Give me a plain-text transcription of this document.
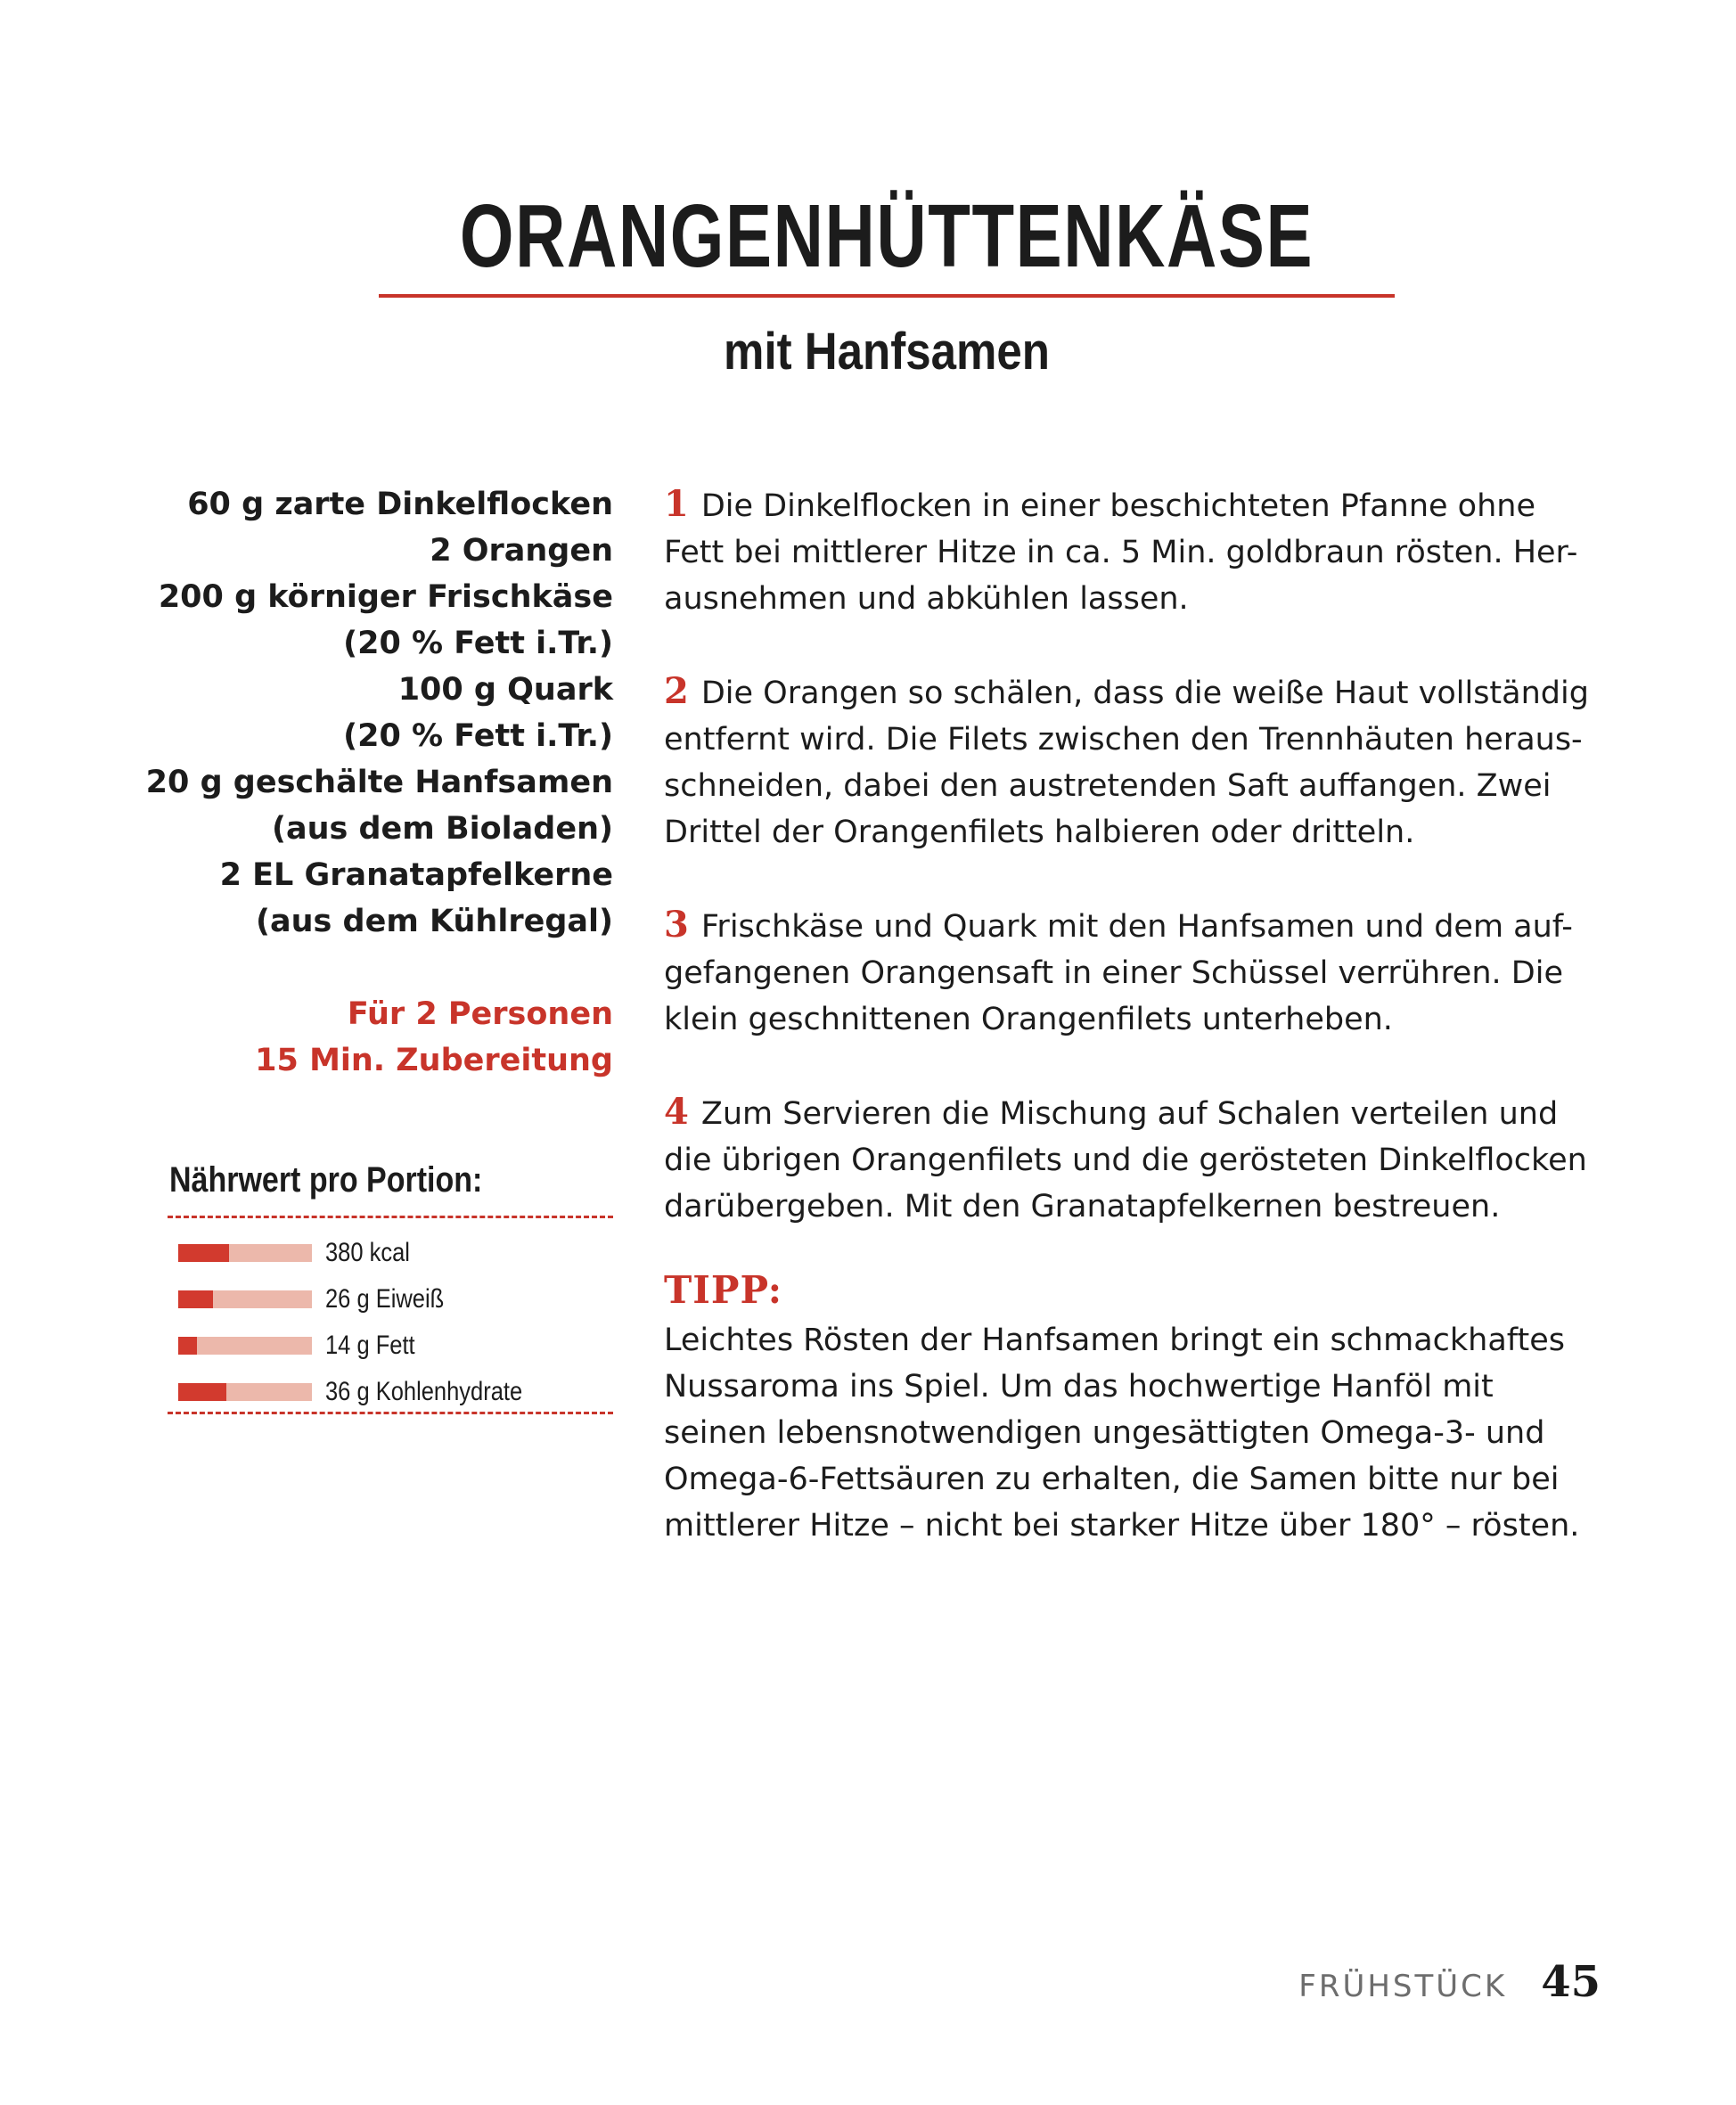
ORANGENHÜTTENKÄSE
mit Hanfsamen
60 g zarte Dinkelflocken
2 Orangen
200 g körniger Frischkäse
(20 % Fett i.Tr.)
100 g Quark
(20 % Fett i.Tr.)
20 g geschälte Hanfsamen
(aus dem Bioladen)
2 EL Granatapfelkerne
(aus dem Kühlregal)
Für 2 Personen
15 Min. Zubereitung
Nährwert pro Portion:
380 kcal
26 g Eiweiß
14 g Fett
36 g Kohlenhydrate
1 Die Dinkelflocken in einer beschichteten Pfanne ohne
Fett bei mittlerer Hitze in ca. 5 Min. goldbraun rösten. Her-
ausnehmen und abkühlen lassen.
2 Die Orangen so schälen, dass die weiße Haut vollständig
entfernt wird. Die Filets zwischen den Trennhäuten heraus-
schneiden, dabei den austretenden Saft auffangen. Zwei
Drittel der Orangenfilets halbieren oder dritteln.
3 Frischkäse und Quark mit den Hanfsamen und dem auf-
gefangenen Orangensaft in einer Schüssel verrühren. Die
klein geschnittenen Orangenfilets unterheben.
4 Zum Servieren die Mischung auf Schalen verteilen und
die übrigen Orangenfilets und die gerösteten Dinkelflocken
darübergeben. Mit den Granatapfelkernen bestreuen.
TIPP:
Leichtes Rösten der Hanfsamen bringt ein schmackhaftes
Nussaroma ins Spiel. Um das hochwertige Hanföl mit
seinen lebensnotwendigen ungesättigten Omega-3- und
Omega-6-Fettsäuren zu erhalten, die Samen bitte nur bei
mittlerer Hitze – nicht bei starker Hitze über 180° – rösten.
FRÜHSTÜCK 45
